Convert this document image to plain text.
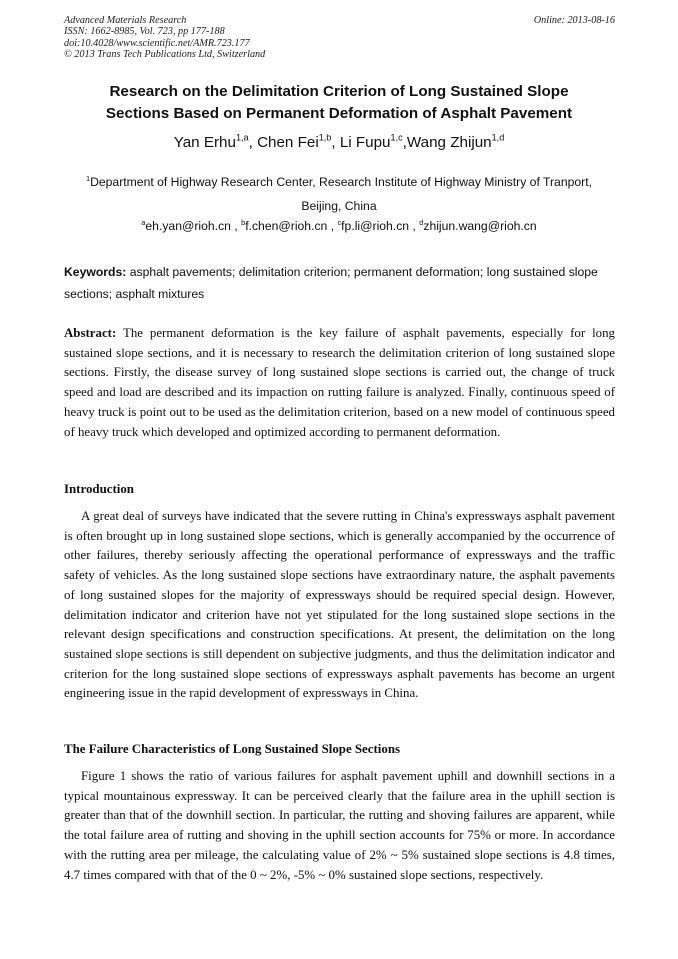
Advanced Materials Research
ISSN: 1662-8985, Vol. 723, pp 177-188
doi:10.4028/www.scientific.net/AMR.723.177
© 2013 Trans Tech Publications Ltd, Switzerland
Online: 2013-08-16
Research on the Delimitation Criterion of Long Sustained Slope
Sections Based on Permanent Deformation of Asphalt Pavement
Yan Erhu$^{1,a}$, Chen Fei$^{1,b}$, Li Fupu$^{1,c}$,Wang Zhijun$^{1,d}$
$^1$Department of Highway Research Center, Research Institute of Highway Ministry of Tranport,
Beijing, China
$^a$eh.yan@rioh.cn , $^b$f.chen@rioh.cn , $^c$fp.li@rioh.cn , $^d$zhijun.wang@rioh.cn
Keywords: asphalt pavements; delimitation criterion; permanent deformation; long sustained slope sections; asphalt mixtures
Abstract: The permanent deformation is the key failure of asphalt pavements, especially for long sustained slope sections, and it is necessary to research the delimitation criterion of long sustained slope sections. Firstly, the disease survey of long sustained slope sections is carried out, the change of truck speed and load are described and its impaction on rutting failure is analyzed. Finally, continuous speed of heavy truck is point out to be used as the delimitation criterion, based on a new model of continuous speed of heavy truck which developed and optimized according to permanent deformation.
Introduction
A great deal of surveys have indicated that the severe rutting in China's expressways asphalt pavement is often brought up in long sustained slope sections, which is generally accompanied by the occurrence of other failures, thereby seriously affecting the operational performance of expressways and the traffic safety of vehicles. As the long sustained slope sections have extraordinary nature, the asphalt pavements of long sustained slopes for the majority of expressways should be required special design. However, delimitation indicator and criterion have not yet stipulated for the long sustained slope sections in the relevant design specifications and construction specifications. At present, the delimitation on the long sustained slope sections is still dependent on subjective judgments, and thus the delimitation indicator and criterion for the long sustained slope sections of expressways asphalt pavements has become an urgent engineering issue in the rapid development of expressways in China.
The Failure Characteristics of Long Sustained Slope Sections
Figure 1 shows the ratio of various failures for asphalt pavement uphill and downhill sections in a typical mountainous expressway. It can be perceived clearly that the failure area in the uphill section is greater than that of the downhill section. In particular, the rutting and shoving failures are apparent, while the total failure area of rutting and shoving in the uphill section accounts for 75% or more. In accordance with the rutting area per mileage, the calculating value of 2% ~ 5% sustained slope sections is 4.8 times, 4.7 times compared with that of the 0 ~ 2%, -5% ~ 0% sustained slope sections, respectively.
